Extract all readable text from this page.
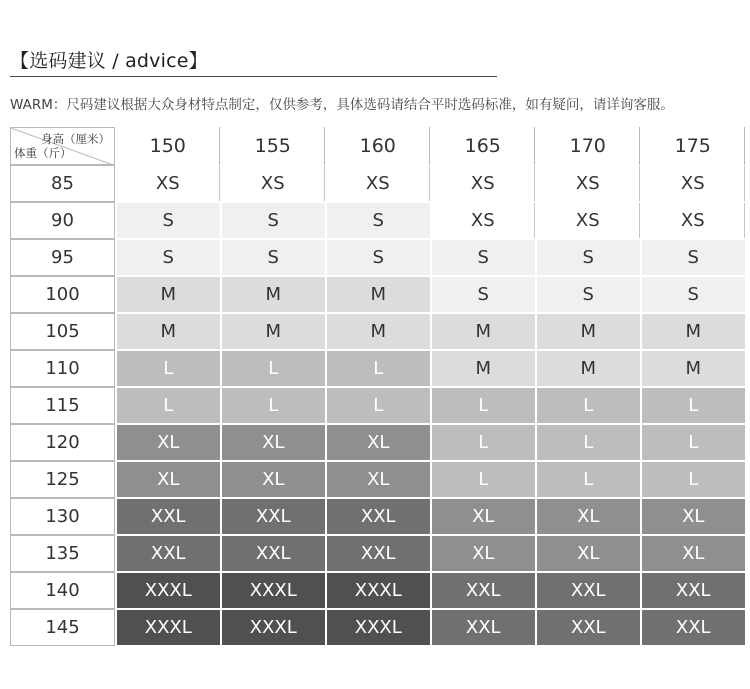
【选码建议 / advice】
WARM：尺码建议根据大众身材特点制定，仅供参考，具体选码请结合平时选码标准，如有疑问，请详询客服。
身高（厘米）
体重（斤）	150	155	160	165	170	175
85	XS	XS	XS	XS	XS	XS
90	S	S	S	XS	XS	XS
95	S	S	S	S	S	S
100	M	M	M	S	S	S
105	M	M	M	M	M	M
110	L	L	L	M	M	M
115	L	L	L	L	L	L
120	XL	XL	XL	L	L	L
125	XL	XL	XL	L	L	L
130	XXL	XXL	XXL	XL	XL	XL
135	XXL	XXL	XXL	XL	XL	XL
140	XXXL	XXXL	XXXL	XXL	XXL	XXL
145	XXXL	XXXL	XXXL	XXL	XXL	XXL
